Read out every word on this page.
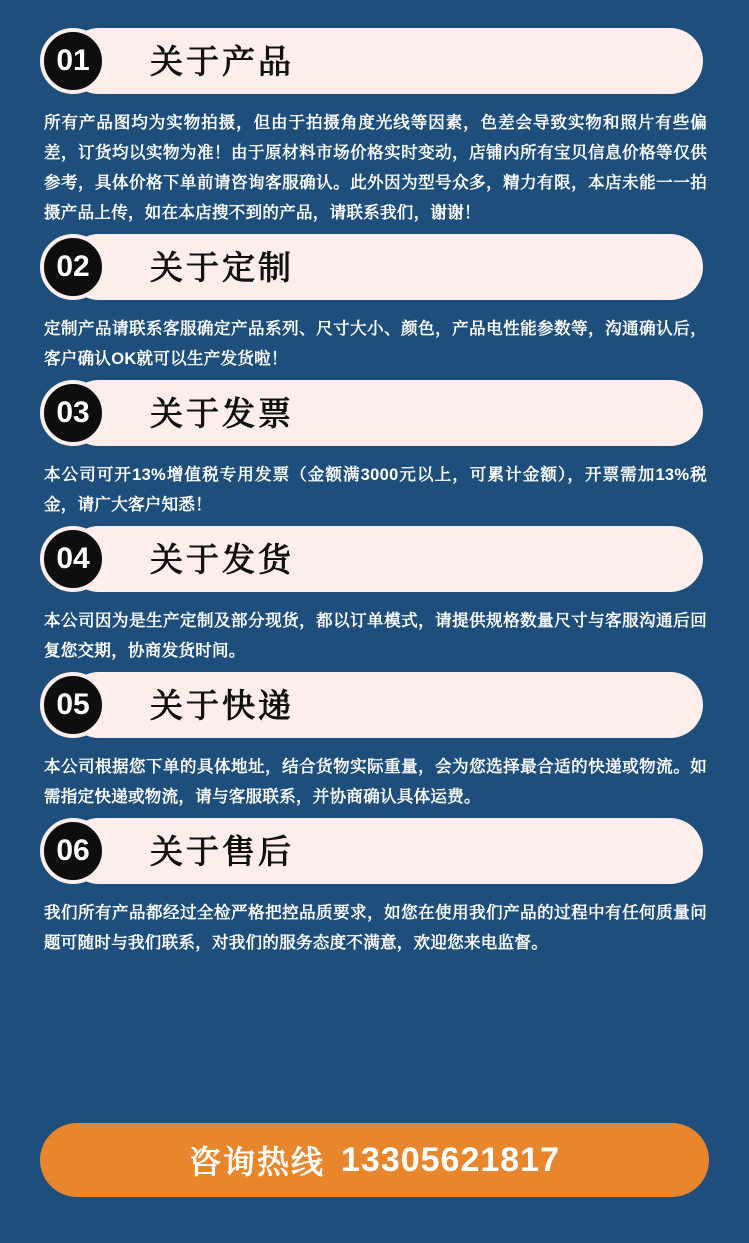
01	关于产品
所有产品图均为实物拍摄，但由于拍摄角度光线等因素，色差会导致实物和照片有些偏差，订货均以实物为准！由于原材料市场价格实时变动，店铺内所有宝贝信息价格等仅供参考，具体价格下单前请咨询客服确认。此外因为型号众多，精力有限，本店未能一一拍摄产品上传，如在本店搜不到的产品，请联系我们，谢谢！
02	关于定制
定制产品请联系客服确定产品系列、尺寸大小、颜色，产品电性能参数等，沟通确认后，客户确认OK就可以生产发货啦！
03	关于发票
本公司可开13%增值税专用发票（金额满3000元以上，可累计金额），开票需加13%税金，请广大客户知悉！
04	关于发货
本公司因为是生产定制及部分现货，都以订单模式，请提供规格数量尺寸与客服沟通后回复您交期，协商发货时间。
05	关于快递
本公司根据您下单的具体地址，结合货物实际重量，会为您选择最合适的快递或物流。如需指定快递或物流，请与客服联系，并协商确认具体运费。
06	关于售后
我们所有产品都经过全检严格把控品质要求，如您在使用我们产品的过程中有任何质量问题可随时与我们联系，对我们的服务态度不满意，欢迎您来电监督。
咨询热线 13305621817
